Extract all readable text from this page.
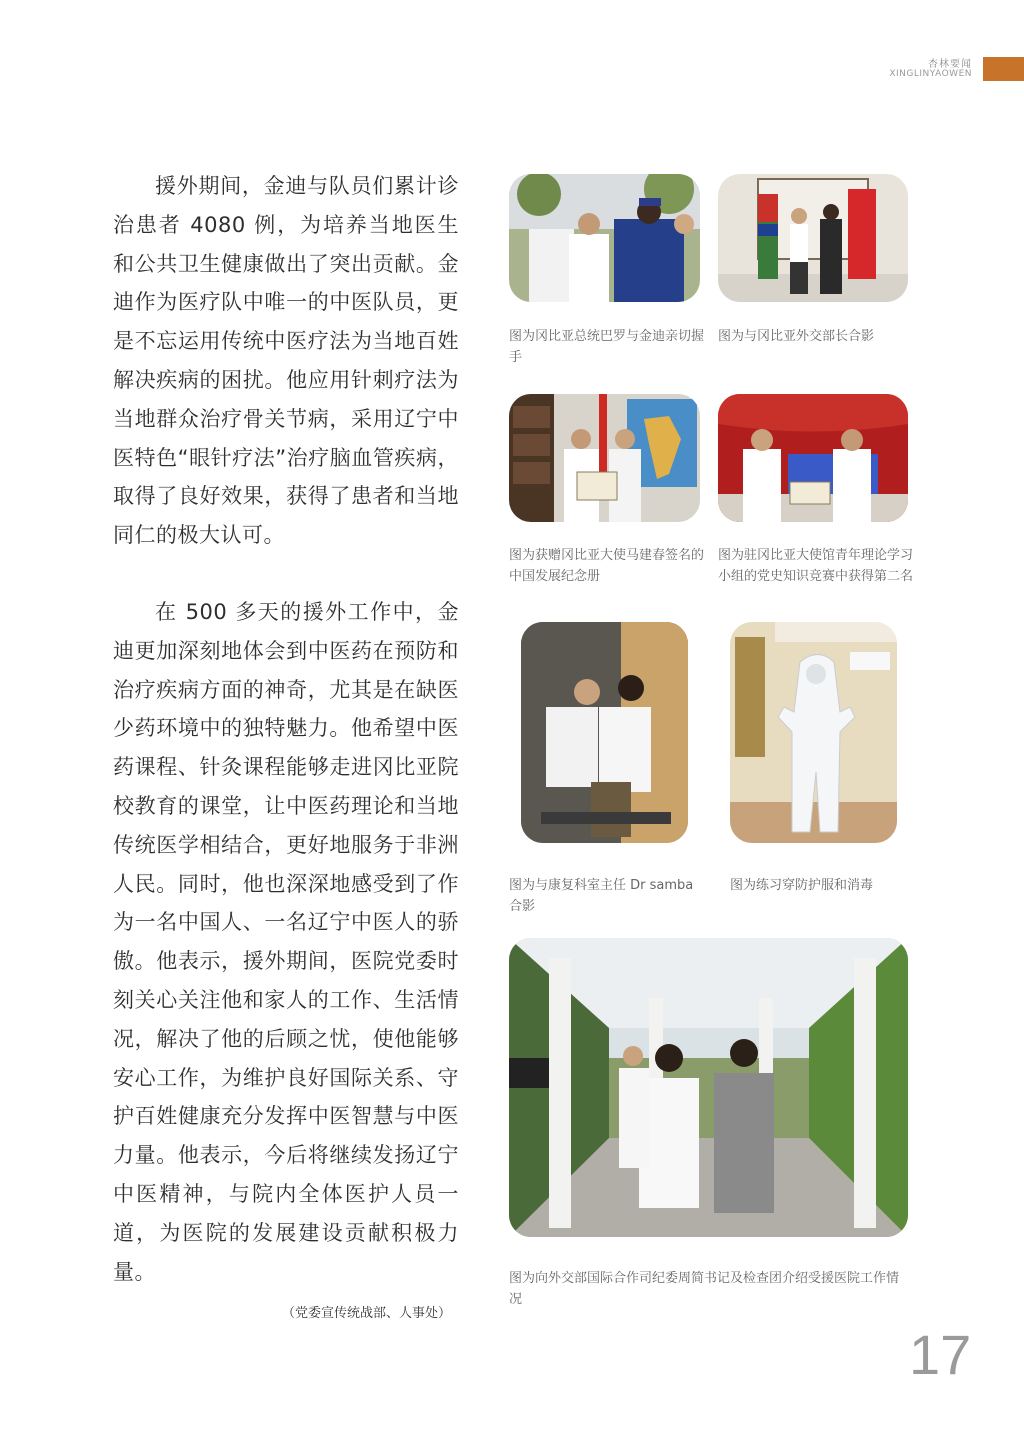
杏林要闻
XINGLINYAOWEN

援外期间，金迪与队员们累计诊治患者 4080 例，为培养当地医生和公共卫生健康做出了突出贡献。金迪作为医疗队中唯一的中医队员，更是不忘运用传统中医疗法为当地百姓解决疾病的困扰。他应用针刺疗法为当地群众治疗骨关节病，采用辽宁中医特色“眼针疗法”治疗脑血管疾病，取得了良好效果，获得了患者和当地同仁的极大认可。

在 500 多天的援外工作中，金迪更加深刻地体会到中医药在预防和治疗疾病方面的神奇，尤其是在缺医少药环境中的独特魅力。他希望中医药课程、针灸课程能够走进冈比亚院校教育的课堂，让中医药理论和当地传统医学相结合，更好地服务于非洲人民。同时，他也深深地感受到了作为一名中国人、一名辽宁中医人的骄傲。他表示，援外期间，医院党委时刻关心关注他和家人的工作、生活情况，解决了他的后顾之忧，使他能够安心工作，为维护良好国际关系、守护百姓健康充分发挥中医智慧与中医力量。他表示，今后将继续发扬辽宁中医精神，与院内全体医护人员一道，为医院的发展建设贡献积极力量。

（党委宣传统战部、人事处）
图为冈比亚总统巴罗与金迪亲切握手
图为与冈比亚外交部长合影
图为获赠冈比亚大使马建春签名的中国发展纪念册
图为驻冈比亚大使馆青年理论学习小组的党史知识竞赛中获得第二名
图为与康复科室主任 Dr samba 合影
图为练习穿防护服和消毒
图为向外交部国际合作司纪委周简书记及检查团介绍受援医院工作情况
17
